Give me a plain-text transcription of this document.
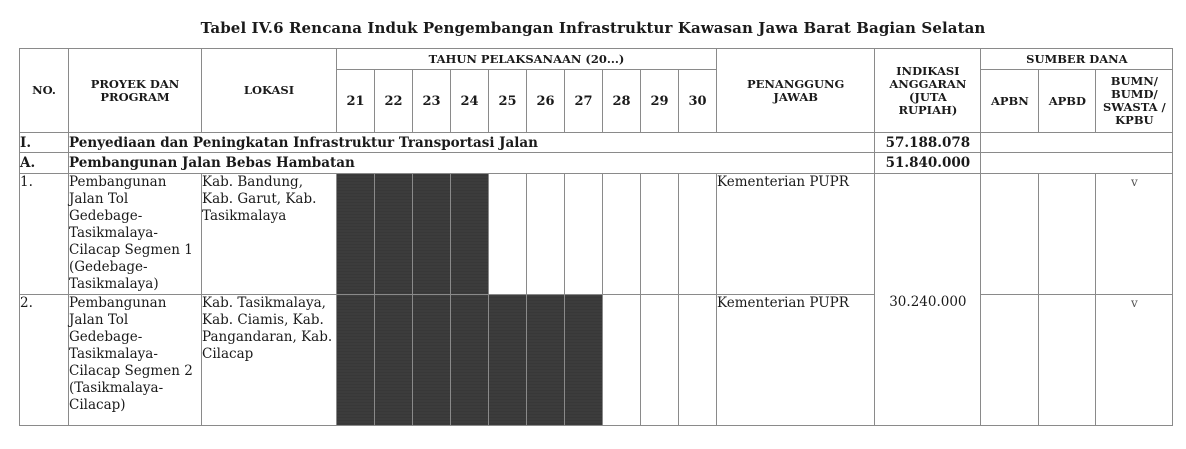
Tabel IV.6 Rencana Induk Pengembangan Infrastruktur Kawasan Jawa Barat Bagian Selatan
NO.	PROYEK DAN PROGRAM	LOKASI	TAHUN PELAKSANAAN (20...)										PENANGGUNG JAWAB	INDIKASI ANGGARAN (JUTA RUPIAH)	SUMBER DANA		
			21	22	23	24	25	26	27	28	29	30			APBN	APBD	BUMN/ BUMD/ SWASTA / KPBU
I.	Penyediaan dan Peningkatan Infrastruktur Transportasi Jalan													57.188.078			
A.	Pembangunan Jalan Bebas Hambatan													51.840.000			
1.	Pembangunan Jalan Tol Gedebage-Tasikmalaya-Cilacap Segmen 1 (Gedebage-Tasikmalaya)	Kab. Bandung, Kab. Garut, Kab. Tasikmalaya											Kementerian PUPR	30.240.000			v
2.	Pembangunan Jalan Tol Gedebage-Tasikmalaya-Cilacap Segmen 2 (Tasikmalaya-Cilacap)	Kab. Tasikmalaya, Kab. Ciamis, Kab. Pangandaran, Kab. Cilacap											Kementerian PUPR				v
